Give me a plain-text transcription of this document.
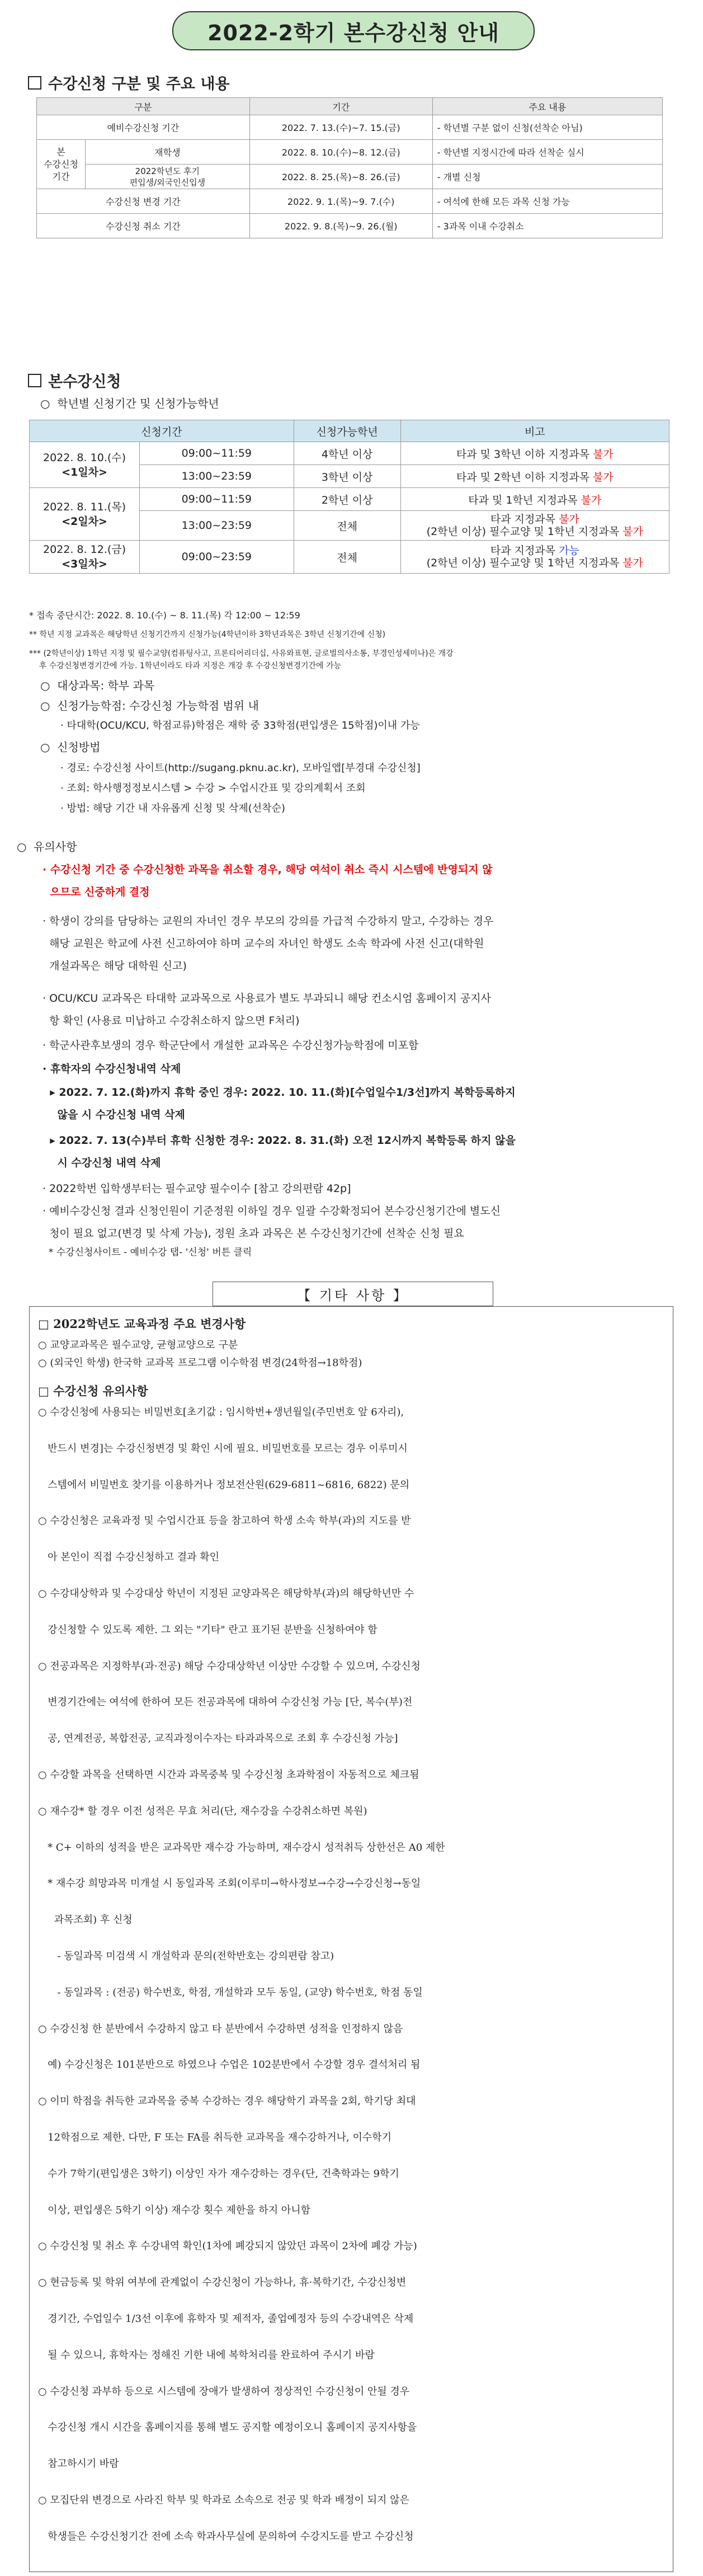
2022-2학기 본수강신청 안내
수강신청 구분 및 주요 내용
구분		기간	주요 내용
예비수강신청 기간		2022. 7. 13.(수)~7. 15.(금)	- 학년별 구분 없이 신청(선착순 아님)
본
수강신청
기간	재학생	2022. 8. 10.(수)~8. 12.(금)	- 학년별 지정시간에 따라 선착순 실시
	2022학년도 후기
편입생/외국인신입생	2022. 8. 25.(목)~8. 26.(금)	- 개별 신청
수강신청 변경 기간		2022. 9. 1.(목)~9. 7.(수)	- 여석에 한해 모든 과목 신청 가능
수강신청 취소 기간		2022. 9. 8.(목)~9. 26.(월)	- 3과목 이내 수강취소
본수강신청
○  학년별 신청기간 및 신청가능학년
신청기간		신청가능학년	비고
2022. 8. 10.(수)
<1일차>	09:00~11:59	4학년 이상	타과 및 3학년 이하 지정과목 불가
	13:00~23:59	3학년 이상	타과 및 2학년 이하 지정과목 불가
2022. 8. 11.(목)
<2일차>	09:00~11:59	2학년 이상	타과 및 1학년 지정과목 불가
	13:00~23:59	전체	타과 지정과목 불가
(2학년 이상) 필수교양 및 1학년 지정과목 불가
2022. 8. 12.(금)
<3일차>	09:00~23:59	전체	타과 지정과목 가능
(2학년 이상) 필수교양 및 1학년 지정과목 불가
* 접속 중단시간: 2022. 8. 10.(수) ~ 8. 11.(목) 각 12:00 ~ 12:59
** 학년 지정 교과목은 해당학년 신청기간까지 신청가능(4학년이하 3학년과목은 3학년 신청기간에 신청)
*** (2학년이상) 1학년 지정 및 필수교양(컴퓨팅사고, 프론티어리더십, 사유와표현, 글로벌의사소통, 부경인성세미나)은 개강
후 수강신청변경기간에 가능. 1학년이라도 타과 지정은 개강 후 수강신청변경기간에 가능
○  대상과목: 학부 과목
○  신청가능학점: 수강신청 가능학점 범위 내
· 타대학(OCU/KCU, 학점교류)학점은 재학 중 33학점(편입생은 15학점)이내 가능
○  신청방법
· 경로: 수강신청 사이트(http://sugang.pknu.ac.kr), 모바일앱[부경대 수강신청]
· 조회: 학사행정정보시스템 > 수강 > 수업시간표 및 강의계획서 조회
· 방법: 해당 기간 내 자유롭게 신청 및 삭제(선착순)
○  유의사항
· 수강신청 기간 중 수강신청한 과목을 취소할 경우, 해당 여석이 취소 즉시 시스템에 반영되지 않
으므로 신중하게 결정
· 학생이 강의를 담당하는 교원의 자녀인 경우 부모의 강의를 가급적 수강하지 말고, 수강하는 경우
해당 교원은 학교에 사전 신고하여야 하며 교수의 자녀인 학생도 소속 학과에 사전 신고(대학원
개설과목은 해당 대학원 신고)
· OCU/KCU 교과목은 타대학 교과목으로 사용료가 별도 부과되니 해당 컨소시엄 홈페이지 공지사
항 확인 (사용료 미납하고 수강취소하지 않으면 F처리)
· 학군사관후보생의 경우 학군단에서 개설한 교과목은 수강신청가능학점에 미포함
· 휴학자의 수강신청내역 삭제
▸ 2022. 7. 12.(화)까지 휴학 중인 경우: 2022. 10. 11.(화)[수업일수1/3선]까지 복학등록하지
않을 시 수강신청 내역 삭제
▸ 2022. 7. 13(수)부터 휴학 신청한 경우: 2022. 8. 31.(화) 오전 12시까지 복학등록 하지 않을
시 수강신청 내역 삭제
· 2022학번 입학생부터는 필수교양 필수이수 [참고 강의편람 42p]
· 예비수강신청 결과 신청인원이 기준정원 이하일 경우 일괄 수강확정되어 본수강신청기간에 별도신
청이 필요 없고(변경 및 삭제 가능), 정원 초과 과목은 본 수강신청기간에 선착순 신청 필요
* 수강신청사이트 - 예비수강 탭- '신청' 버튼 클릭
【 기타 사항 】
□ 2022학년도 교육과정 주요 변경사항
○ 교양교과목은 필수교양, 균형교양으로 구분
○ (외국인 학생) 한국학 교과목 프로그램 이수학점 변경(24학점→18학점)
□ 수강신청 유의사항
○ 수강신청에 사용되는 비밀번호[초기값 : 임시학번+생년월일(주민번호 앞 6자리),
반드시 변경]는 수강신청변경 및 확인 시에 필요. 비밀번호를 모르는 경우 이루미시
스템에서 비밀번호 찾기를 이용하거나 정보전산원(629-6811~6816, 6822) 문의
○ 수강신청은 교육과정 및 수업시간표 등을 참고하여 학생 소속 학부(과)의 지도를 받
아 본인이 직접 수강신청하고 결과 확인
○ 수강대상학과 및 수강대상 학년이 지정된 교양과목은 해당학부(과)의 해당학년만 수
강신청할 수 있도록 제한. 그 외는 "기타" 란고 표기된 분반을 신청하여야 함
○ 전공과목은 지정학부(과·전공) 해당 수강대상학년 이상만 수강할 수 있으며, 수강신청
변경기간에는 여석에 한하여 모든 전공과목에 대하여 수강신청 가능 [단, 복수(부)전
공, 연계전공, 복합전공, 교직과정이수자는 타과과목으로 조회 후 수강신청 가능]
○ 수강할 과목을 선택하면 시간과 과목중복 및 수강신청 초과학점이 자동적으로 체크됨
○ 재수강* 할 경우 이전 성적은 무효 처리(단, 재수강을 수강취소하면 복원)
* C+ 이하의 성적을 받은 교과목만 재수강 가능하며, 재수강시 성적취득 상한선은 A0 제한
* 재수강 희망과목 미개설 시 동일과목 조회(이루미→학사정보→수강→수강신청→동일
과목조회) 후 신청
- 동일과목 미검색 시 개설학과 문의(전학반호는 강의편람 참고)
- 동일과목 : (전공) 학수번호, 학점, 개설학과 모두 동일, (교양) 학수번호, 학점 동일
○ 수강신청 한 분반에서 수강하지 않고 타 분반에서 수강하면 성적을 인정하지 않음
예) 수강신청은 101분반으로 하였으나 수업은 102분반에서 수강할 경우 결석처리 됨
○ 이미 학점을 취득한 교과목을 중복 수강하는 경우 해당학기 과목을 2회, 학기당 최대
12학점으로 제한. 다만, F 또는 FA를 취득한 교과목을 재수강하거나, 이수학기
수가 7학기(편입생은 3학기) 이상인 자가 재수강하는 경우(단, 건축학과는 9학기
이상, 편입생은 5학기 이상) 재수강 횟수 제한을 하지 아니함
○ 수강신청 및 취소 후 수강내역 확인(1차에 폐강되지 않았던 과목이 2차에 폐강 가능)
○ 현금등록 및 학위 여부에 관계없이 수강신청이 가능하나, 휴·복학기간, 수강신청변
경기간, 수업일수 1/3선 이후에 휴학자 및 제적자, 졸업예정자 등의 수강내역은 삭제
될 수 있으니, 휴학자는 정해진 기한 내에 복학처리를 완료하여 주시기 바람
○ 수강신청 과부하 등으로 시스템에 장애가 발생하여 정상적인 수강신청이 안될 경우
수강신청 개시 시간을 홈페이지를 통해 별도 공지할 예정이오니 홈페이지 공지사항을
참고하시기 바람
○ 모집단위 변경으로 사라진 학부 및 학과로 소속으로 전공 및 학과 배정이 되지 않은
학생들은 수강신청기간 전에 소속 학과사무실에 문의하여 수강지도를 받고 수강신청
